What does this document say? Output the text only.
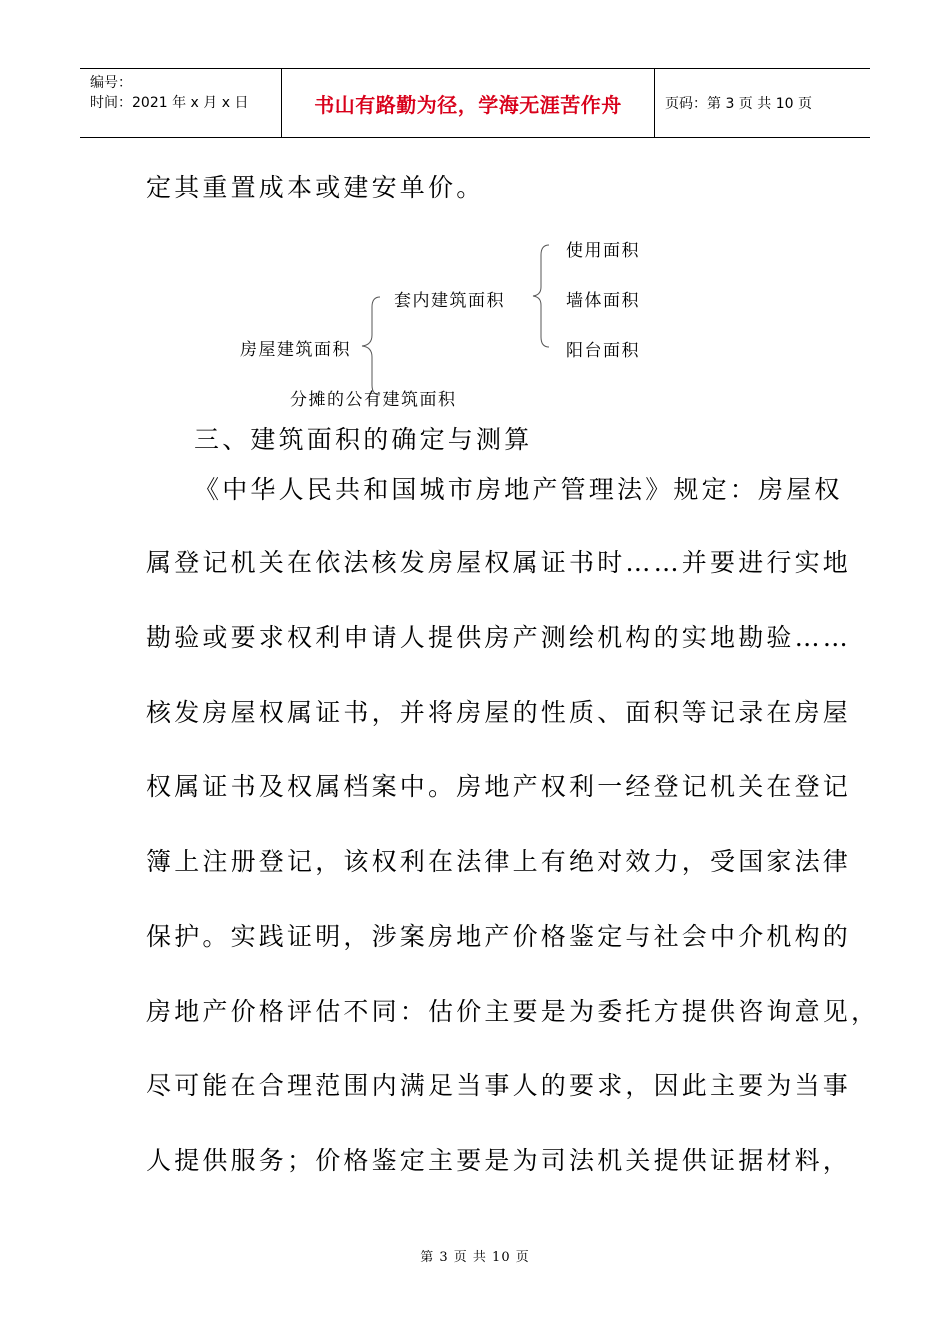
编号：
时间：2021 年 x 月 x 日	书山有路勤为径，学海无涯苦作舟	页码：第 3 页 共 10 页
定其重置成本或建安单价。
房屋建筑面积
套内建筑面积
分摊的公有建筑面积
使用面积
墙体面积
阳台面积
三、建筑面积的确定与测算
《中华人民共和国城市房地产管理法》规定：房屋权
属登记机关在依法核发房屋权属证书时……并要进行实地
勘验或要求权利申请人提供房产测绘机构的实地勘验……
核发房屋权属证书，并将房屋的性质、面积等记录在房屋
权属证书及权属档案中。房地产权利一经登记机关在登记
簿上注册登记，该权利在法律上有绝对效力，受国家法律
保护。实践证明，涉案房地产价格鉴定与社会中介机构的
房地产价格评估不同：估价主要是为委托方提供咨询意见，
尽可能在合理范围内满足当事人的要求，因此主要为当事
人提供服务；价格鉴定主要是为司法机关提供证据材料，
第 3 页 共 10 页
